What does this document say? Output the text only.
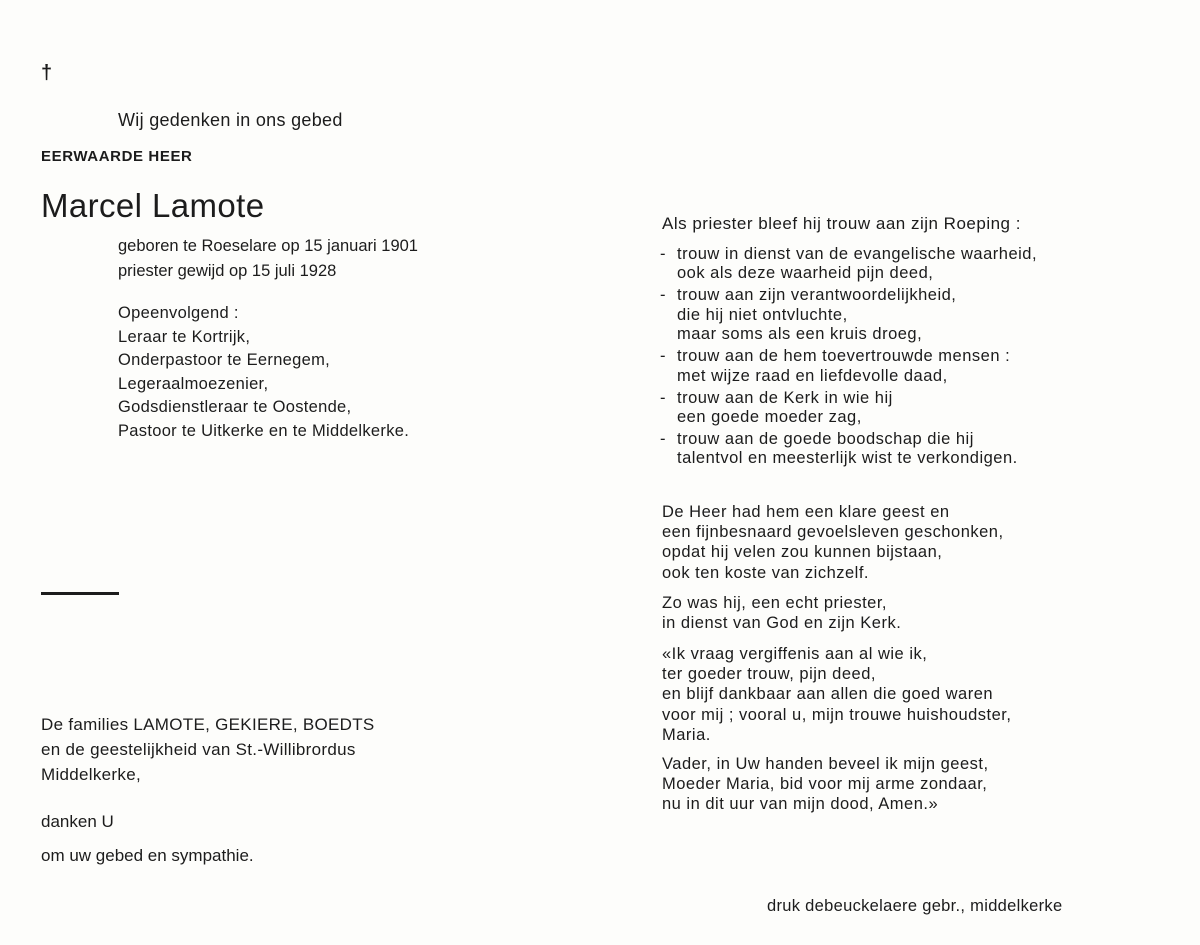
†
Wij gedenken in ons gebed
EERWAARDE HEER
Marcel Lamote
geboren te Roeselare op 15 januari 1901
priester gewijd op 15 juli 1928
Opeenvolgend :
Leraar te Kortrijk,
Onderpastoor te Eernegem,
Legeraalmoezenier,
Godsdienstleraar te Oostende,
Pastoor te Uitkerke en te Middelkerke.
De families LAMOTE, GEKIERE, BOEDTS
en de geestelijkheid van St.-Willibrordus
Middelkerke,
danken U
om uw gebed en sympathie.
Als priester bleef hij trouw aan zijn Roeping :
- trouw in dienst van de evangelische waarheid,
ook als deze waarheid pijn deed,
- trouw aan zijn verantwoordelijkheid,
die hij niet ontvluchte,
maar soms als een kruis droeg,
- trouw aan de hem toevertrouwde mensen :
met wijze raad en liefdevolle daad,
- trouw aan de Kerk in wie hij
een goede moeder zag,
- trouw aan de goede boodschap die hij
talentvol en meesterlijk wist te verkondigen.
De Heer had hem een klare geest en
een fijnbesnaard gevoelsleven geschonken,
opdat hij velen zou kunnen bijstaan,
ook ten koste van zichzelf.
Zo was hij, een echt priester,
in dienst van God en zijn Kerk.
«Ik vraag vergiffenis aan al wie ik,
ter goeder trouw, pijn deed,
en blijf dankbaar aan allen die goed waren
voor mij ; vooral u, mijn trouwe huishoudster,
Maria.
Vader, in Uw handen beveel ik mijn geest,
Moeder Maria, bid voor mij arme zondaar,
nu in dit uur van mijn dood, Amen.»
druk debeuckelaere gebr., middelkerke
